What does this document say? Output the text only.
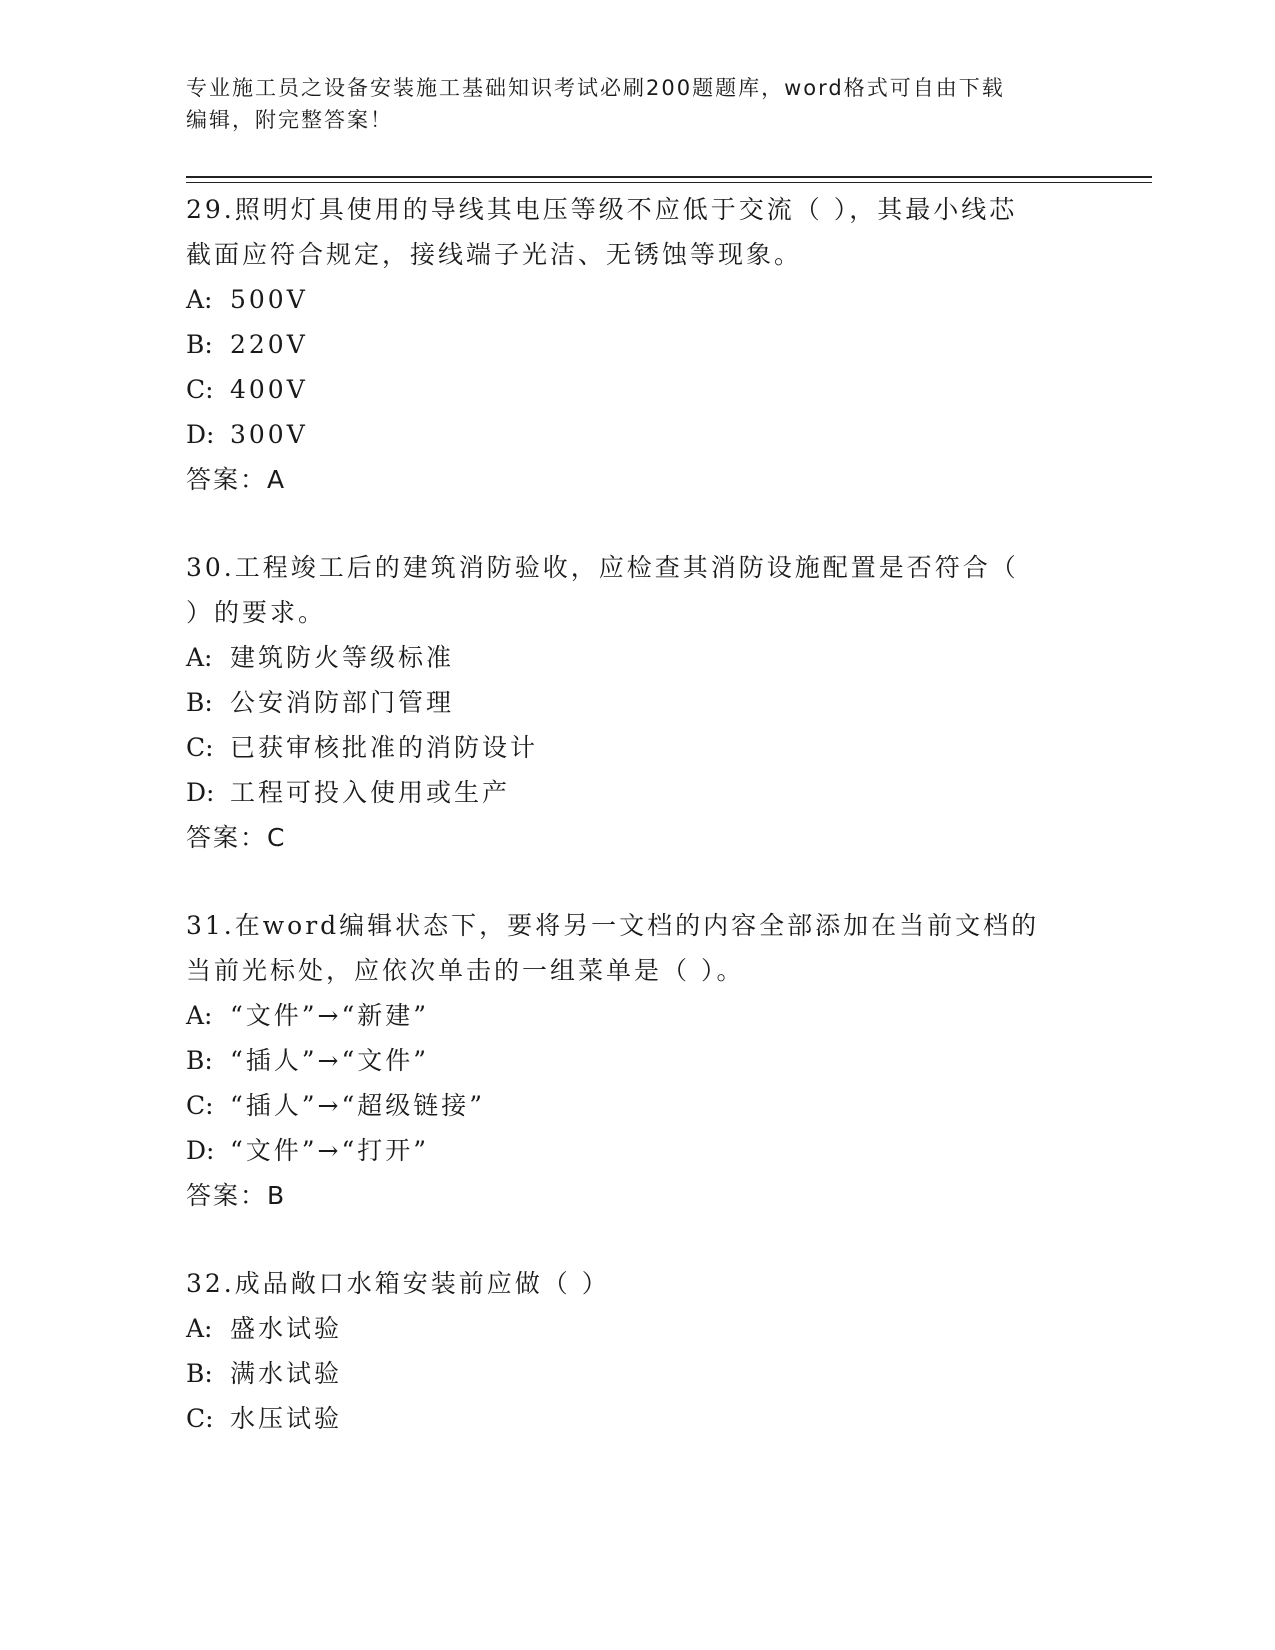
专业施工员之设备安装施工基础知识考试必刷200题题库，word格式可自由下载
编辑，附完整答案！
29.照明灯具使用的导线其电压等级不应低于交流（ ），其最小线芯
截面应符合规定，接线端子光洁、无锈蚀等现象。
A: 500V
B: 220V
C: 400V
D: 300V
答案：A
30.工程竣工后的建筑消防验收，应检查其消防设施配置是否符合（
）的要求。
A: 建筑防火等级标准
B: 公安消防部门管理
C: 已获审核批准的消防设计
D: 工程可投入使用或生产
答案：C
31.在word编辑状态下，要将另一文档的内容全部添加在当前文档的
当前光标处，应依次单击的一组菜单是（ ）。
A: “文件”→“新建”
B: “插人”→“文件”
C: “插人”→“超级链接”
D: “文件”→“打开”
答案：B
32.成品敞口水箱安装前应做（ ）
A: 盛水试验
B: 满水试验
C: 水压试验
